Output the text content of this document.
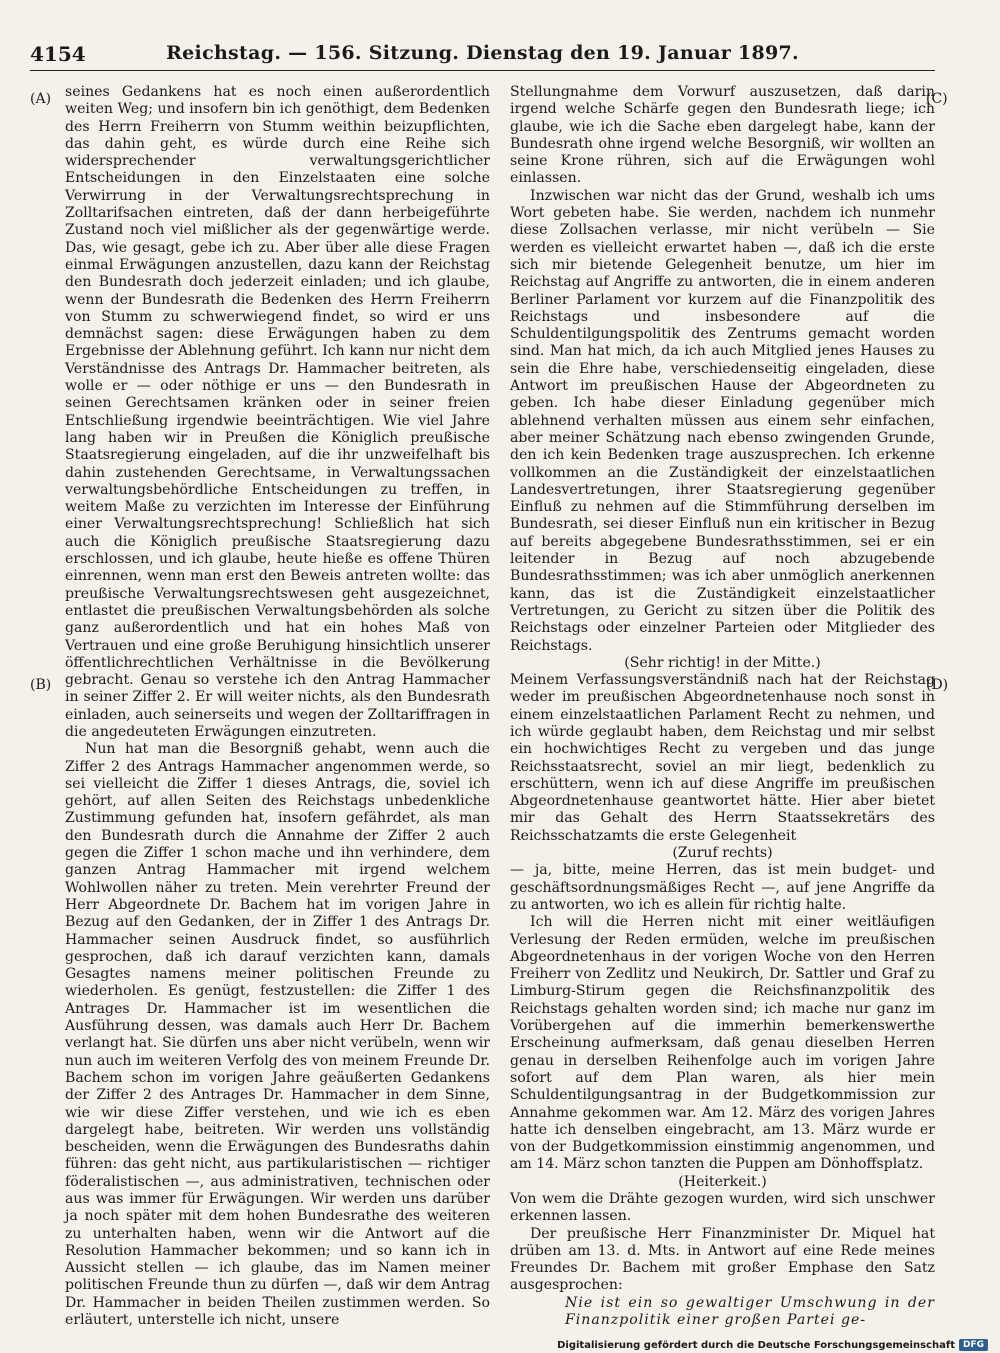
4154	Reichstag. — 156. Sitzung. Dienstag den 19. Januar 1897.
(A)
(B)
(C)
(D)

seines Gedankens hat es noch einen außerordentlich weiten Weg; und insofern bin ich genöthigt, dem Bedenken des Herrn Freiherrn von Stumm weithin beizupflichten, das dahin geht, es würde durch eine Reihe sich widersprechender verwaltungsgerichtlicher Entscheidungen in den Einzelstaaten eine solche Verwirrung in der Verwaltungsrechtsprechung in Zolltarifsachen eintreten, daß der dann herbeigeführte Zustand noch viel mißlicher als der gegenwärtige werde. Das, wie gesagt, gebe ich zu. Aber über alle diese Fragen einmal Erwägungen anzustellen, dazu kann der Reichstag den Bundesrath doch jederzeit einladen; und ich glaube, wenn der Bundesrath die Bedenken des Herrn Freiherrn von Stumm zu schwerwiegend findet, so wird er uns demnächst sagen: diese Erwägungen haben zu dem Ergebnisse der Ablehnung geführt. Ich kann nur nicht dem Verständnisse des Antrags Dr. Hammacher beitreten, als wolle er — oder nöthige er uns — den Bundesrath in seinen Gerechtsamen kränken oder in seiner freien Entschließung irgendwie beeinträchtigen. Wie viel Jahre lang haben wir in Preußen die Königlich preußische Staatsregierung eingeladen, auf die ihr unzweifelhaft bis dahin zustehenden Gerechtsame, in Verwaltungssachen verwaltungsbehördliche Entscheidungen zu treffen, in weitem Maße zu verzichten im Interesse der Einführung einer Verwaltungsrechtsprechung! Schließlich hat sich auch die Königlich preußische Staatsregierung dazu erschlossen, und ich glaube, heute hieße es offene Thüren einrennen, wenn man erst den Beweis antreten wollte: das preußische Verwaltungsrechtswesen geht ausgezeichnet, entlastet die preußischen Verwaltungsbehörden als solche ganz außerordentlich und hat ein hohes Maß von Vertrauen und eine große Beruhigung hinsichtlich unserer öffentlichrechtlichen Verhältnisse in die Bevölkerung gebracht. Genau so verstehe ich den Antrag Hammacher in seiner Ziffer 2. Er will weiter nichts, als den Bundesrath einladen, auch seinerseits und wegen der Zolltariffragen in die angedeuteten Erwägungen einzutreten.

Nun hat man die Besorgniß gehabt, wenn auch die Ziffer 2 des Antrags Hammacher angenommen werde, so sei vielleicht die Ziffer 1 dieses Antrags, die, soviel ich gehört, auf allen Seiten des Reichstags unbedenkliche Zustimmung gefunden hat, insofern gefährdet, als man den Bundesrath durch die Annahme der Ziffer 2 auch gegen die Ziffer 1 schon mache und ihn verhindere, dem ganzen Antrag Hammacher mit irgend welchem Wohlwollen näher zu treten. Mein verehrter Freund der Herr Abgeordnete Dr. Bachem hat im vorigen Jahre in Bezug auf den Gedanken, der in Ziffer 1 des Antrags Dr. Hammacher seinen Ausdruck findet, so ausführlich gesprochen, daß ich darauf verzichten kann, damals Gesagtes namens meiner politischen Freunde zu wiederholen. Es genügt, festzustellen: die Ziffer 1 des Antrages Dr. Hammacher ist im wesentlichen die Ausführung dessen, was damals auch Herr Dr. Bachem verlangt hat. Sie dürfen uns aber nicht verübeln, wenn wir nun auch im weiteren Verfolg des von meinem Freunde Dr. Bachem schon im vorigen Jahre geäußerten Gedankens der Ziffer 2 des Antrages Dr. Hammacher in dem Sinne, wie wir diese Ziffer verstehen, und wie ich es eben dargelegt habe, beitreten. Wir werden uns vollständig bescheiden, wenn die Erwägungen des Bundesraths dahin führen: das geht nicht, aus partikularistischen — richtiger föderalistischen —, aus administrativen, technischen oder aus was immer für Erwägungen. Wir werden uns darüber ja noch später mit dem hohen Bundesrathe des weiteren zu unterhalten haben, wenn wir die Antwort auf die Resolution Hammacher bekommen; und so kann ich in Aussicht stellen — ich glaube, das im Namen meiner politischen Freunde thun zu dürfen —, daß wir dem Antrag Dr. Hammacher in beiden Theilen zustimmen werden. So erläutert, unterstelle ich nicht, unsere

Stellungnahme dem Vorwurf auszusetzen, daß darin irgend welche Schärfe gegen den Bundesrath liege; ich glaube, wie ich die Sache eben dargelegt habe, kann der Bundesrath ohne irgend welche Besorgniß, wir wollten an seine Krone rühren, sich auf die Erwägungen wohl einlassen.

Inzwischen war nicht das der Grund, weshalb ich ums Wort gebeten habe. Sie werden, nachdem ich nunmehr diese Zollsachen verlasse, mir nicht verübeln — Sie werden es vielleicht erwartet haben —, daß ich die erste sich mir bietende Gelegenheit benutze, um hier im Reichstag auf Angriffe zu antworten, die in einem anderen Berliner Parlament vor kurzem auf die Finanzpolitik des Reichstags und insbesondere auf die Schuldentilgungspolitik des Zentrums gemacht worden sind. Man hat mich, da ich auch Mitglied jenes Hauses zu sein die Ehre habe, verschiedenseitig eingeladen, diese Antwort im preußischen Hause der Abgeordneten zu geben. Ich habe dieser Einladung gegenüber mich ablehnend verhalten müssen aus einem sehr einfachen, aber meiner Schätzung nach ebenso zwingenden Grunde, den ich kein Bedenken trage auszusprechen. Ich erkenne vollkommen an die Zuständigkeit der einzelstaatlichen Landesvertretungen, ihrer Staatsregierung gegenüber Einfluß zu nehmen auf die Stimmführung derselben im Bundesrath, sei dieser Einfluß nun ein kritischer in Bezug auf bereits abgegebene Bundesrathsstimmen, sei er ein leitender in Bezug auf noch abzugebende Bundesrathsstimmen; was ich aber unmöglich anerkennen kann, das ist die Zuständigkeit einzelstaatlicher Vertretungen, zu Gericht zu sitzen über die Politik des Reichstags oder einzelner Parteien oder Mitglieder des Reichstags.

(Sehr richtig! in der Mitte.)

Meinem Verfassungsverständniß nach hat der Reichstag weder im preußischen Abgeordnetenhause noch sonst in einem einzelstaatlichen Parlament Recht zu nehmen, und ich würde geglaubt haben, dem Reichstag und mir selbst ein hochwichtiges Recht zu vergeben und das junge Reichsstaatsrecht, soviel an mir liegt, bedenklich zu erschüttern, wenn ich auf diese Angriffe im preußischen Abgeordnetenhause geantwortet hätte. Hier aber bietet mir das Gehalt des Herrn Staatssekretärs des Reichsschatzamts die erste Gelegenheit

(Zuruf rechts)

— ja, bitte, meine Herren, das ist mein budget- und geschäftsordnungsmäßiges Recht —, auf jene Angriffe da zu antworten, wo ich es allein für richtig halte.

Ich will die Herren nicht mit einer weitläufigen Verlesung der Reden ermüden, welche im preußischen Abgeordnetenhaus in der vorigen Woche von den Herren Freiherr von Zedlitz und Neukirch, Dr. Sattler und Graf zu Limburg-Stirum gegen die Reichsfinanzpolitik des Reichstags gehalten worden sind; ich mache nur ganz im Vorübergehen auf die immerhin bemerkenswerthe Erscheinung aufmerksam, daß genau dieselben Herren genau in derselben Reihenfolge auch im vorigen Jahre sofort auf dem Plan waren, als hier mein Schuldentilgungsantrag in der Budgetkommission zur Annahme gekommen war. Am 12. März des vorigen Jahres hatte ich denselben eingebracht, am 13. März wurde er von der Budgetkommission einstimmig angenommen, und am 14. März schon tanzten die Puppen am Dönhoffsplatz.

(Heiterkeit.)

Von wem die Drähte gezogen wurden, wird sich unschwer erkennen lassen.

Der preußische Herr Finanzminister Dr. Miquel hat drüben am 13. d. Mts. in Antwort auf eine Rede meines Freundes Dr. Bachem mit großer Emphase den Satz ausgesprochen:

Nie ist ein so gewaltiger Umschwung in der Finanzpolitik einer großen Partei ge-

Digitalisierung gefördert durch die Deutsche Forschungsgemeinschaft DFG
